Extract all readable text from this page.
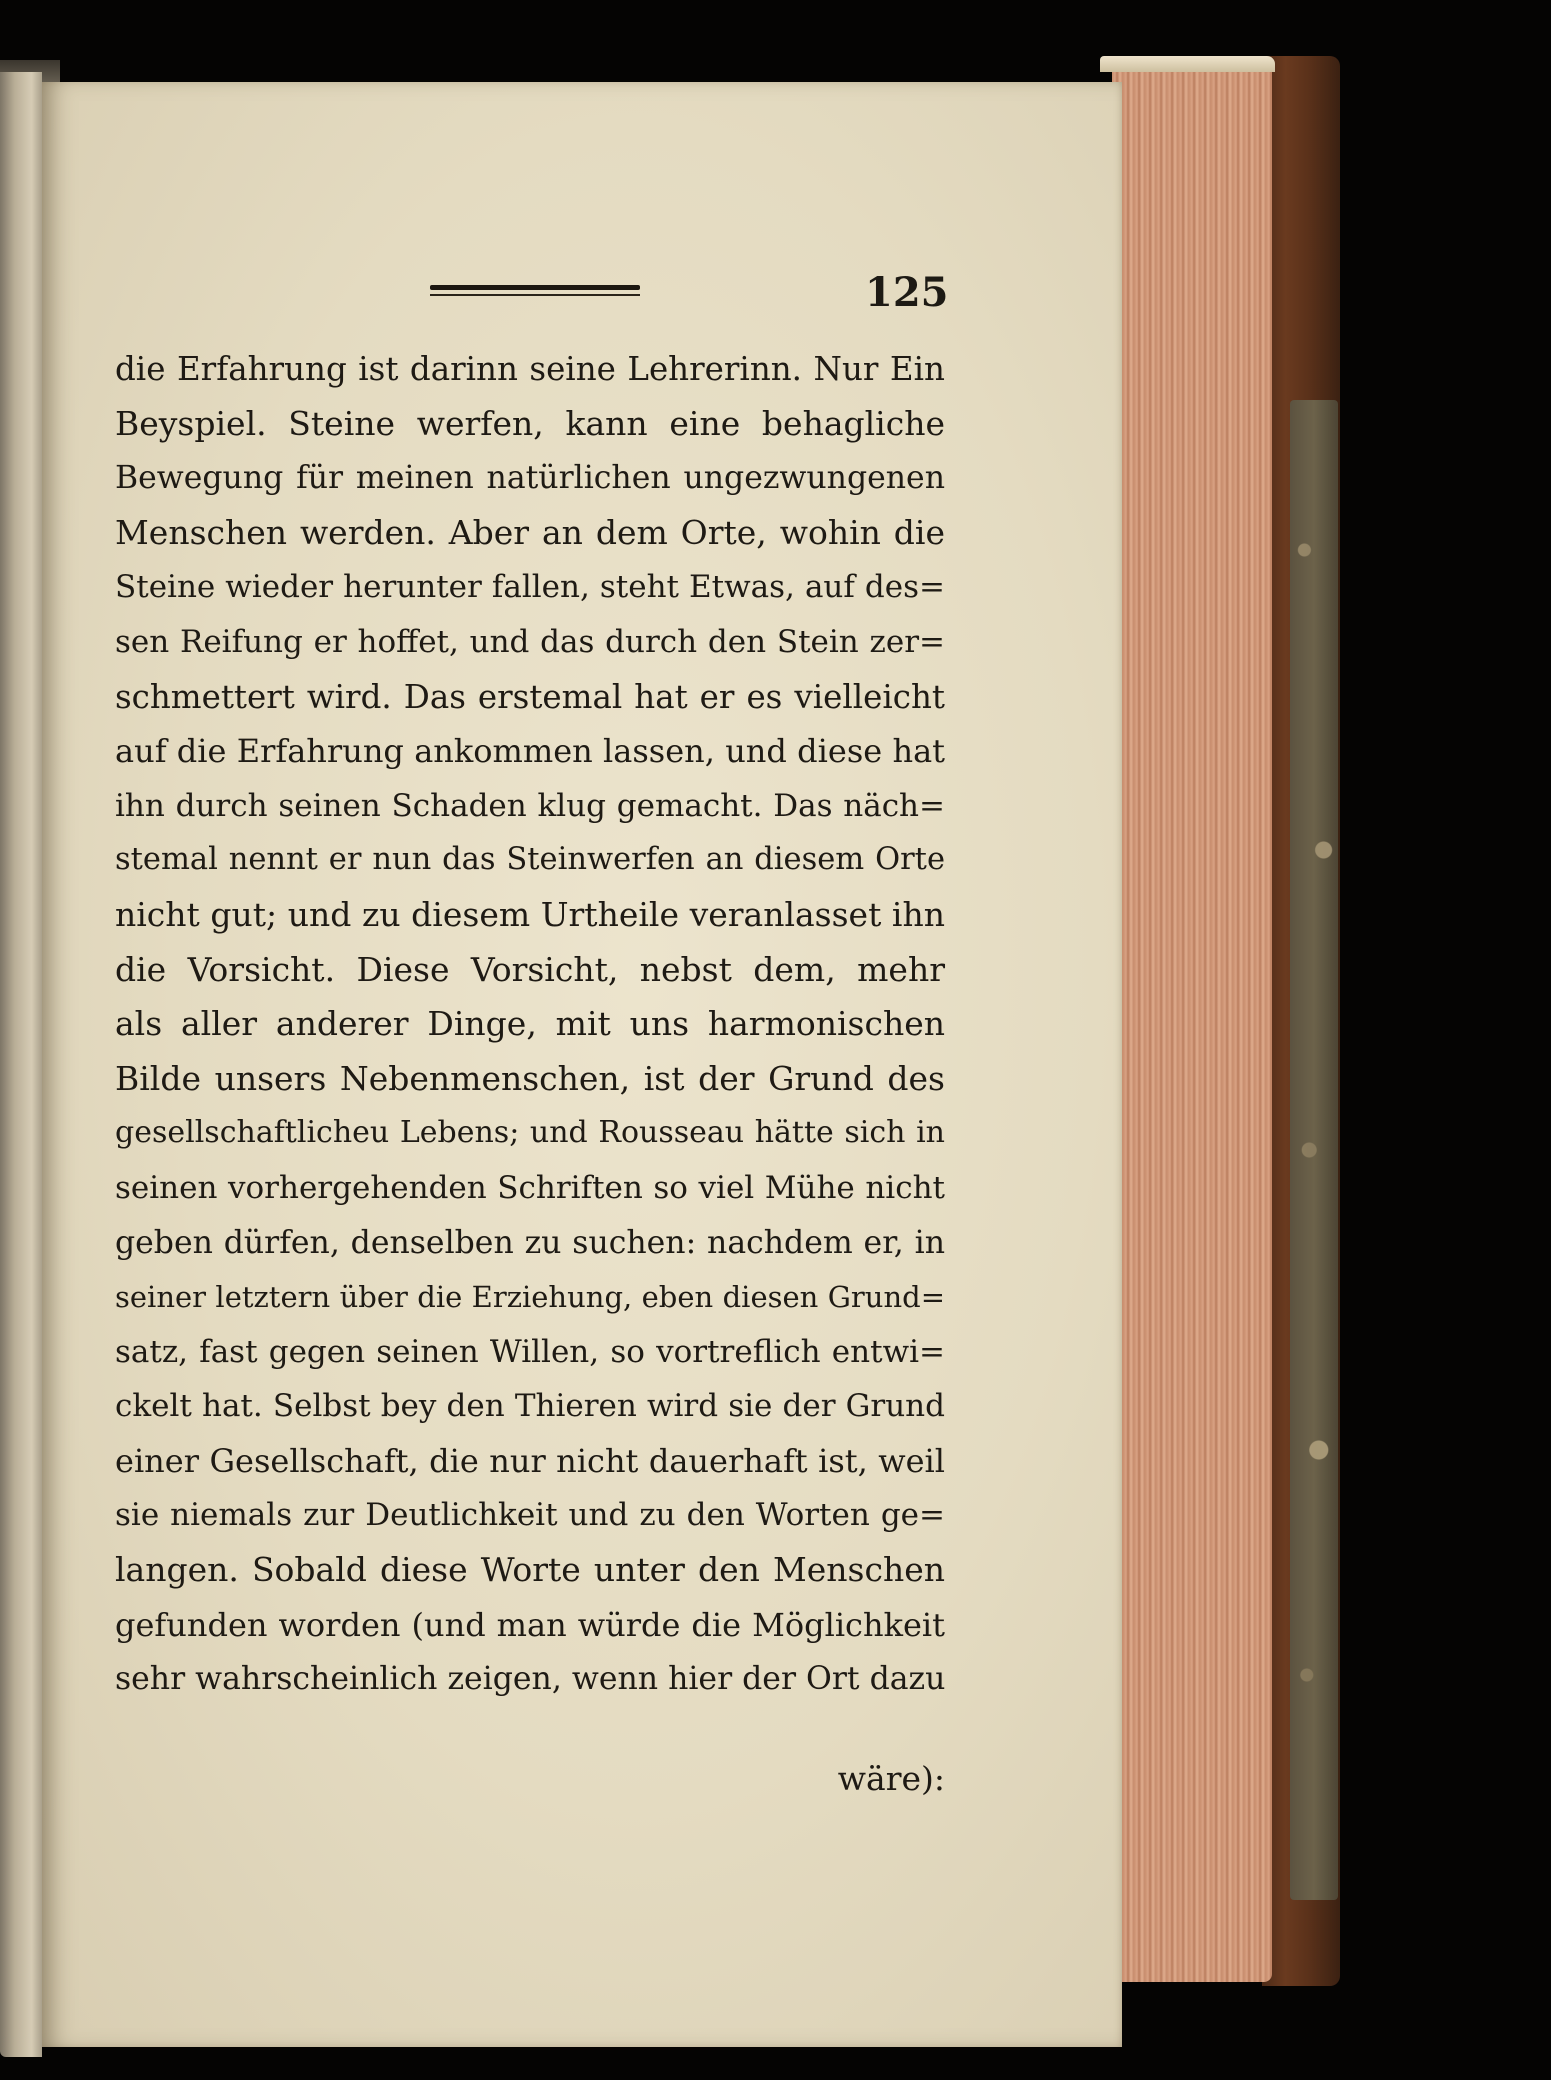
125
die Erfahrung ist darinn seine Lehrerinn. Nur Ein
Beyspiel. Steine werfen, kann eine behagliche
Bewegung für meinen natürlichen ungezwungenen
Menschen werden. Aber an dem Orte, wohin die
Steine wieder herunter fallen, steht Etwas, auf des=
sen Reifung er hoffet, und das durch den Stein zer=
schmettert wird. Das erstemal hat er es vielleicht
auf die Erfahrung ankommen lassen, und diese hat
ihn durch seinen Schaden klug gemacht. Das näch=
stemal nennt er nun das Steinwerfen an diesem Orte
nicht gut; und zu diesem Urtheile veranlasset ihn
die Vorsicht. Diese Vorsicht, nebst dem, mehr
als aller anderer Dinge, mit uns harmonischen
Bilde unsers Nebenmenschen, ist der Grund des
gesellschaftlicheu Lebens; und Rousseau hätte sich in
seinen vorhergehenden Schriften so viel Mühe nicht
geben dürfen, denselben zu suchen: nachdem er, in
seiner letztern über die Erziehung, eben diesen Grund=
satz, fast gegen seinen Willen, so vortreflich entwi=
ckelt hat. Selbst bey den Thieren wird sie der Grund
einer Gesellschaft, die nur nicht dauerhaft ist, weil
sie niemals zur Deutlichkeit und zu den Worten ge=
langen. Sobald diese Worte unter den Menschen
gefunden worden (und man würde die Möglichkeit
sehr wahrscheinlich zeigen, wenn hier der Ort dazu
wäre):
